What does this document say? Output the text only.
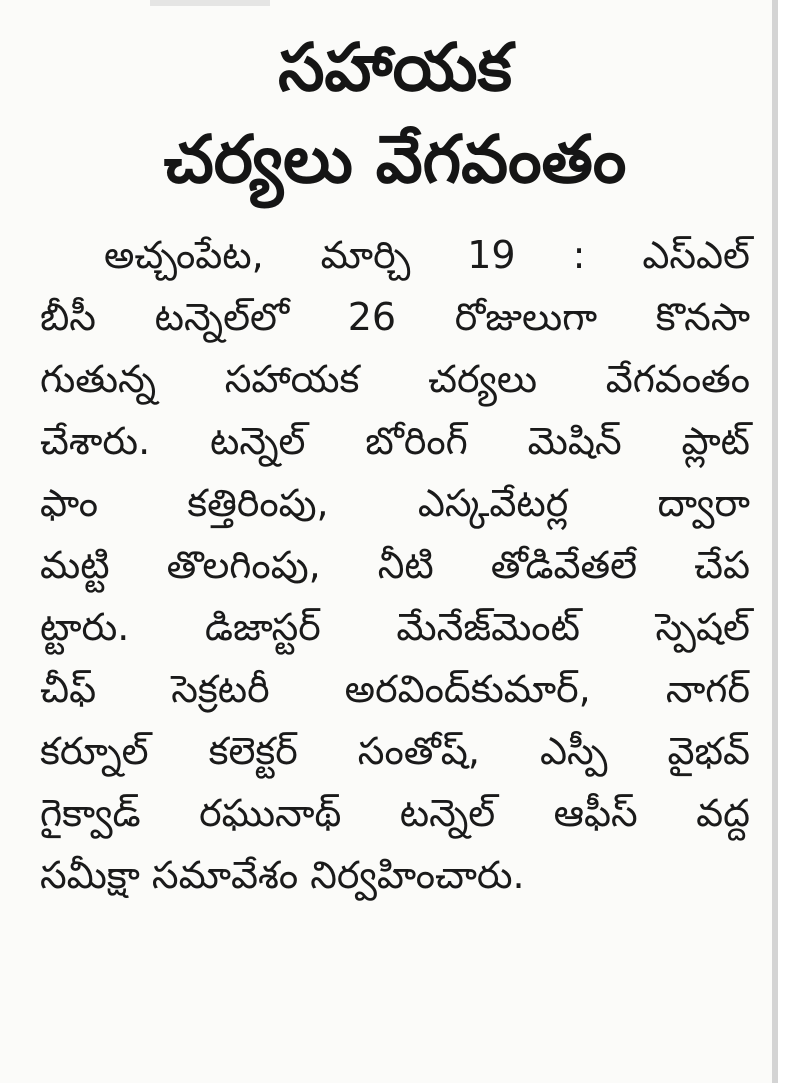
సహాయక
చర్యలు వేగవంతం
అచ్చంపేట, మార్చి 19 : ఎస్‌ఎల్
బీసీ టన్నెల్‌లో 26 రోజులుగా కొనసా
గుతున్న సహాయక చర్యలు వేగవంతం
చేశారు. టన్నెల్ బోరింగ్ మెషిన్ ప్లాట్
ఫాం కత్తిరింపు, ఎస్కవేటర్ల ద్వారా
మట్టి తొలగింపు, నీటి తోడివేతలే చేప
ట్టారు. డిజాస్టర్ మేనేజ్‌మెంట్ స్పెషల్
చీఫ్ సెక్రటరీ అరవింద్‌కుమార్, నాగర్
కర్నూల్ కలెక్టర్ సంతోష్, ఎస్పీ వైభవ్
గైక్వాడ్ రఘునాథ్ టన్నెల్ ఆఫీస్ వద్ద
సమీక్షా సమావేశం నిర్వహించారు.
